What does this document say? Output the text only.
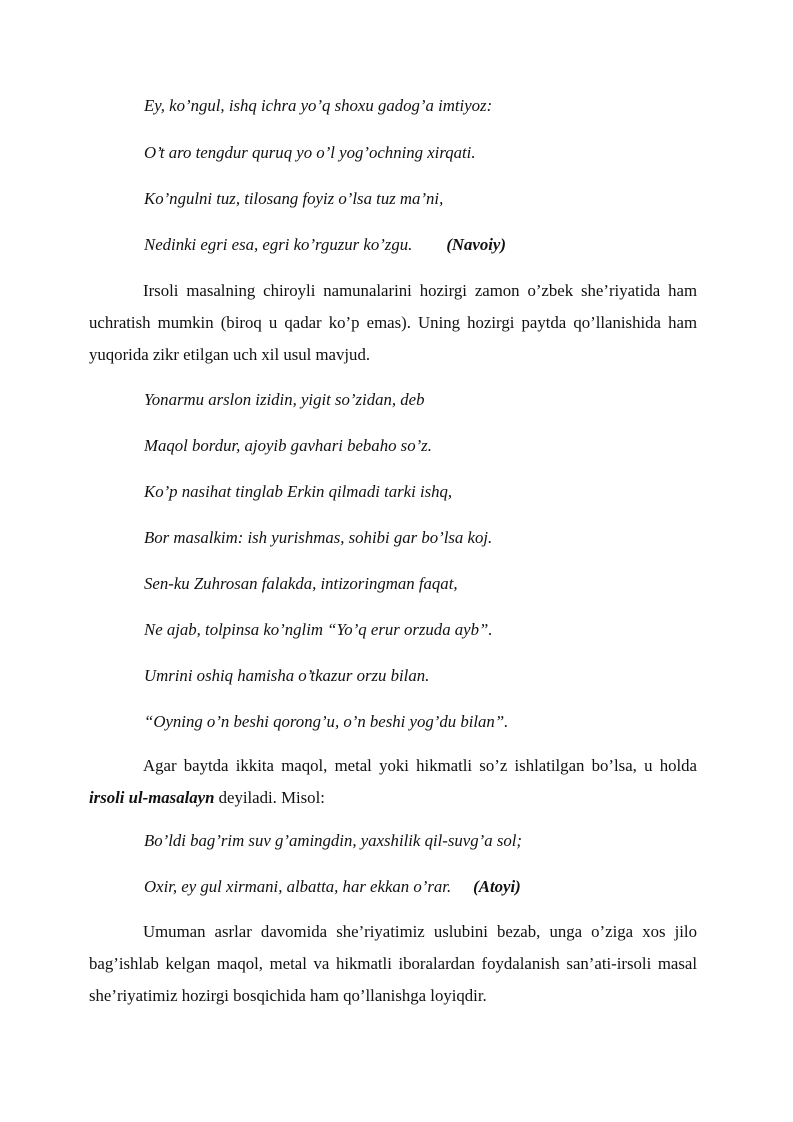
Ey, ko’ngul, ishq ichra yo’q shoxu gadog’a imtiyoz:

O’t aro tengdur quruq yo o’l yog’ochning xirqati.

Ko’ngulni tuz, tilosang foyiz o’lsa tuz ma’ni,

Nedinki egri esa, egri ko’rguzur ko’zgu. (Navoiy)

Irsoli masalning chiroyli namunalarini hozirgi zamon o’zbek she’riyatida ham uchratish mumkin (biroq u qadar ko’p emas). Uning hozirgi paytda qo’llanishida ham yuqorida zikr etilgan uch xil usul mavjud.

Yonarmu arslon izidin, yigit so’zidan, deb

Maqol bordur, ajoyib gavhari bebaho so’z.

Ko’p nasihat tinglab Erkin qilmadi tarki ishq,

Bor masalkim: ish yurishmas, sohibi gar bo’lsa koj.

Sen-ku Zuhrosan falakda, intizoringman faqat,

Ne ajab, tolpinsa ko’nglim “Yo’q erur orzuda ayb”.

Umrini oshiq hamisha o’tkazur orzu bilan.

“Oyning o’n beshi qorong’u, o’n beshi yog’du bilan”.

Agar baytda ikkita maqol, metal yoki hikmatli so’z ishlatilgan bo’lsa, u holda irsoli ul-masalayn deyiladi. Misol:

Bo’ldi bag’rim suv g’amingdin, yaxshilik qil-suvg’a sol;

Oxir, ey gul xirmani, albatta, har ekkan o’rar. (Atoyi)

Umuman asrlar davomida she’riyatimiz uslubini bezab, unga o’ziga xos jilo bag’ishlab kelgan maqol, metal va hikmatli iboralardan foydalanish san’ati-irsoli masal she’riyatimiz hozirgi bosqichida ham qo’llanishga loyiqdir.
